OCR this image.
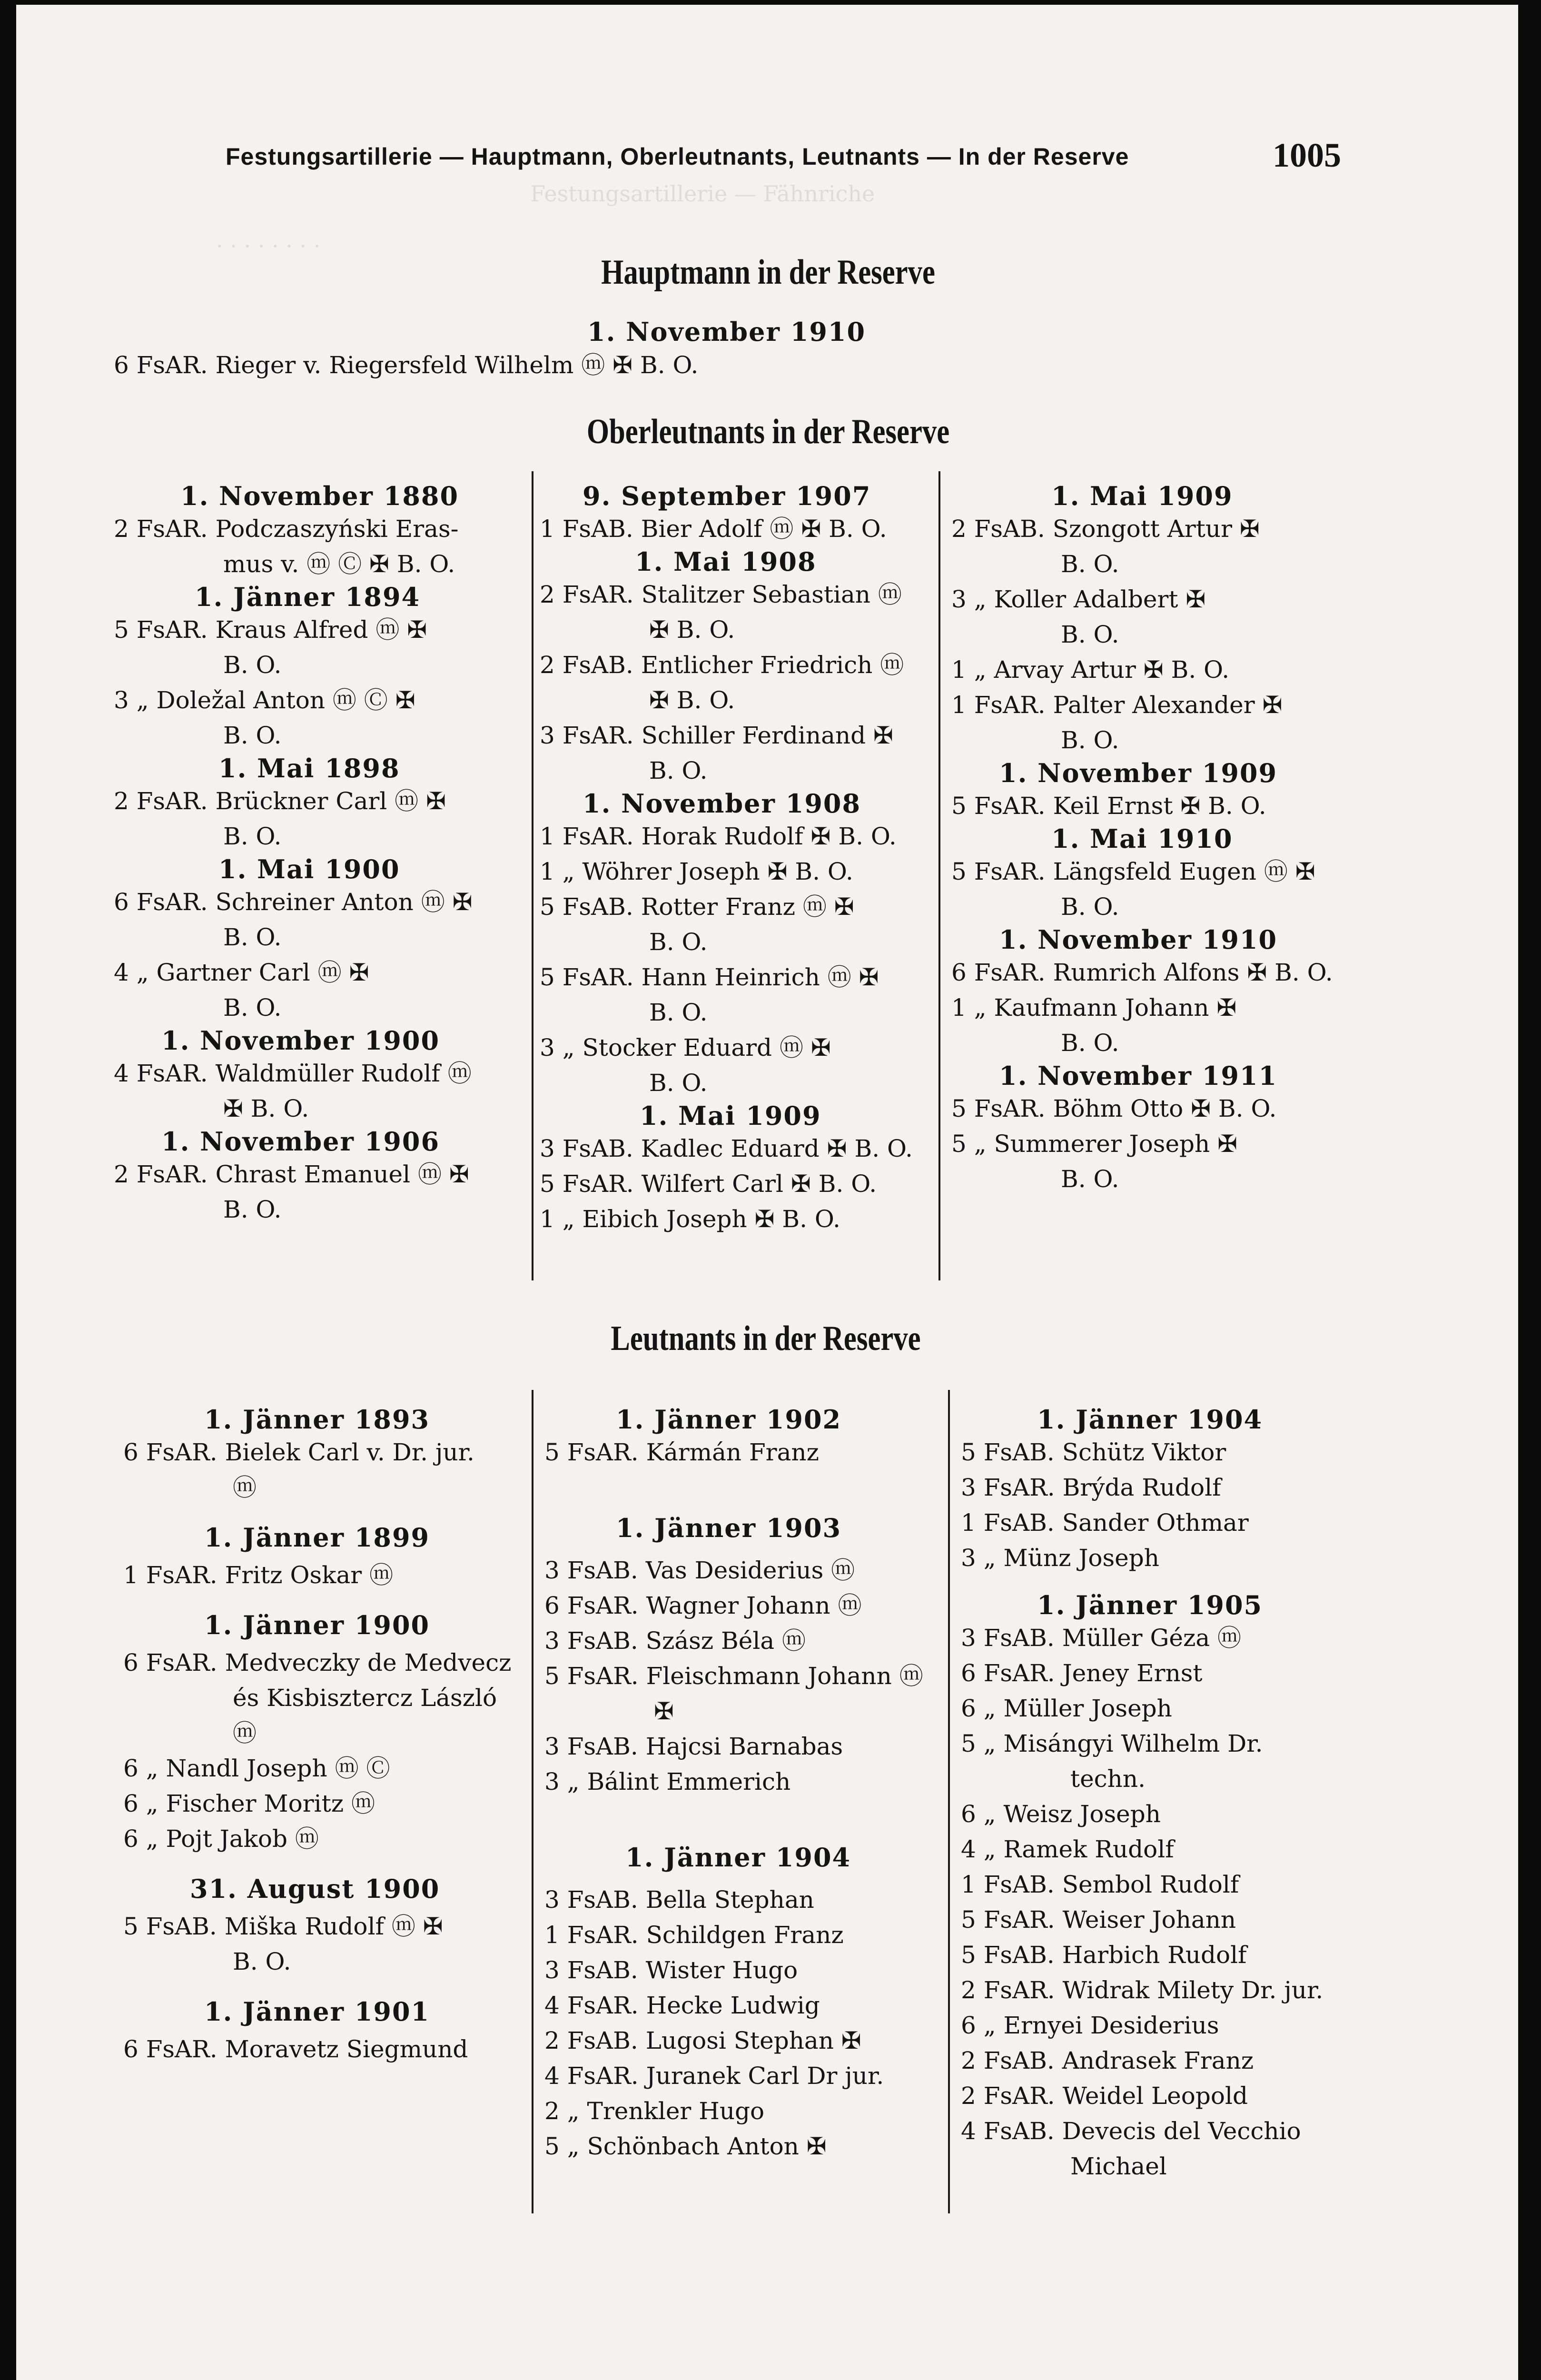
Festungsartillerie — Fähnriche
· · · · · · · ·
Festungsartillerie — Hauptmann, Oberleutnants, Leutnants — In der Reserve	1005
Hauptmann in der Reserve
1. November 1910
6 FsAR. Rieger v. Riegersfeld Wilhelm ⓜ ✠ B. O.
Oberleutnants in der Reserve
1. November 1880
2 FsAR. Podczaszyński Eras-
mus v. ⓜ Ⓒ ✠ B. O.
1. Jänner 1894
5 FsAR. Kraus Alfred ⓜ ✠
B. O.
3 „ Doležal Anton ⓜ Ⓒ ✠
B. O.
1. Mai 1898
2 FsAR. Brückner Carl ⓜ ✠
B. O.
1. Mai 1900
6 FsAR. Schreiner Anton ⓜ ✠
B. O.
4 „ Gartner Carl ⓜ ✠
B. O.
1. November 1900
4 FsAR. Waldmüller Rudolf ⓜ
✠ B. O.
1. November 1906
2 FsAR. Chrast Emanuel ⓜ ✠
B. O.
9. September 1907
1 FsAB. Bier Adolf ⓜ ✠ B. O.
1. Mai 1908
2 FsAR. Stalitzer Sebastian ⓜ
✠ B. O.
2 FsAB. Entlicher Friedrich ⓜ
✠ B. O.
3 FsAR. Schiller Ferdinand ✠
B. O.
1. November 1908
1 FsAR. Horak Rudolf ✠ B. O.
1 „ Wöhrer Joseph ✠ B. O.
5 FsAB. Rotter Franz ⓜ ✠
B. O.
5 FsAR. Hann Heinrich ⓜ ✠
B. O.
3 „ Stocker Eduard ⓜ ✠
B. O.
1. Mai 1909
3 FsAB. Kadlec Eduard ✠ B. O.
5 FsAR. Wilfert Carl ✠ B. O.
1 „ Eibich Joseph ✠ B. O.
1. Mai 1909
2 FsAB. Szongott Artur ✠
B. O.
3 „ Koller Adalbert ✠
B. O.
1 „ Arvay Artur ✠ B. O.
1 FsAR. Palter Alexander ✠
B. O.
1. November 1909
5 FsAR. Keil Ernst ✠ B. O.
1. Mai 1910
5 FsAR. Längsfeld Eugen ⓜ ✠
B. O.
1. November 1910
6 FsAR. Rumrich Alfons ✠ B. O.
1 „ Kaufmann Johann ✠
B. O.
1. November 1911
5 FsAR. Böhm Otto ✠ B. O.
5 „ Summerer Joseph ✠
B. O.
Leutnants in der Reserve
1. Jänner 1893
6 FsAR. Bielek Carl v. Dr. jur.
ⓜ
1. Jänner 1899
1 FsAR. Fritz Oskar ⓜ
1. Jänner 1900
6 FsAR. Medveczky de Medvecz
és Kisbisztercz László
ⓜ
6 „ Nandl Joseph ⓜ Ⓒ
6 „ Fischer Moritz ⓜ
6 „ Pojt Jakob ⓜ
31. August 1900
5 FsAB. Miška Rudolf ⓜ ✠
B. O.
1. Jänner 1901
6 FsAR. Moravetz Siegmund
1. Jänner 1902
5 FsAR. Kármán Franz
1. Jänner 1903
3 FsAB. Vas Desiderius ⓜ
6 FsAR. Wagner Johann ⓜ
3 FsAB. Szász Béla ⓜ
5 FsAR. Fleischmann Johann ⓜ
✠
3 FsAB. Hajcsi Barnabas
3 „ Bálint Emmerich
1. Jänner 1904
3 FsAB. Bella Stephan
1 FsAR. Schildgen Franz
3 FsAB. Wister Hugo
4 FsAR. Hecke Ludwig
2 FsAB. Lugosi Stephan ✠
4 FsAR. Juranek Carl Dr jur.
2 „ Trenkler Hugo
5 „ Schönbach Anton ✠
1. Jänner 1904
5 FsAB. Schütz Viktor
3 FsAR. Brýda Rudolf
1 FsAB. Sander Othmar
3 „ Münz Joseph
1. Jänner 1905
3 FsAB. Müller Géza ⓜ
6 FsAR. Jeney Ernst
6 „ Müller Joseph
5 „ Misángyi Wilhelm Dr.
techn.
6 „ Weisz Joseph
4 „ Ramek Rudolf
1 FsAB. Sembol Rudolf
5 FsAR. Weiser Johann
5 FsAB. Harbich Rudolf
2 FsAR. Widrak Milety Dr. jur.
6 „ Ernyei Desiderius
2 FsAB. Andrasek Franz
2 FsAR. Weidel Leopold
4 FsAB. Devecis del Vecchio
Michael
